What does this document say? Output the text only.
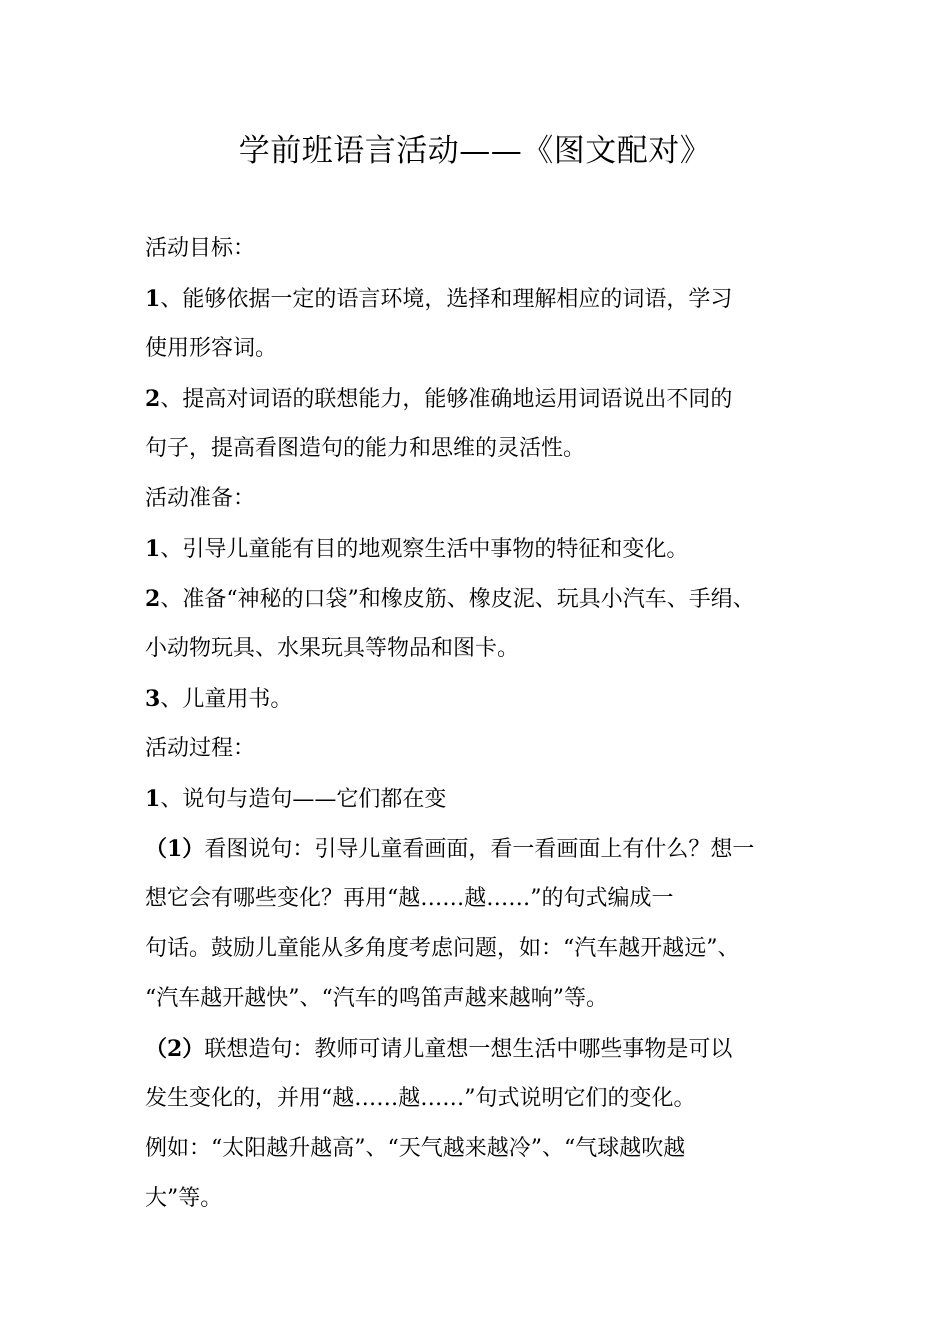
学前班语言活动——《图文配对》
活动目标：
1、能够依据一定的语言环境，选择和理解相应的词语，学习
使用形容词。
2、提高对词语的联想能力，能够准确地运用词语说出不同的
句子，提高看图造句的能力和思维的灵活性。
活动准备：
1、引导儿童能有目的地观察生活中事物的特征和变化。
2、准备“神秘的口袋”和橡皮筋、橡皮泥、玩具小汽车、手绢、
小动物玩具、水果玩具等物品和图卡。
3、儿童用书。
活动过程：
1、说句与造句——它们都在变
（1）看图说句：引导儿童看画面，看一看画面上有什么？想一
想它会有哪些变化？再用“越……越……”的句式编成一
句话。鼓励儿童能从多角度考虑问题，如：“汽车越开越远”、
“汽车越开越快”、“汽车的鸣笛声越来越响”等。
（2）联想造句：教师可请儿童想一想生活中哪些事物是可以
发生变化的，并用“越……越……”句式说明它们的变化。
例如：“太阳越升越高”、“天气越来越冷”、“气球越吹越
大”等。
